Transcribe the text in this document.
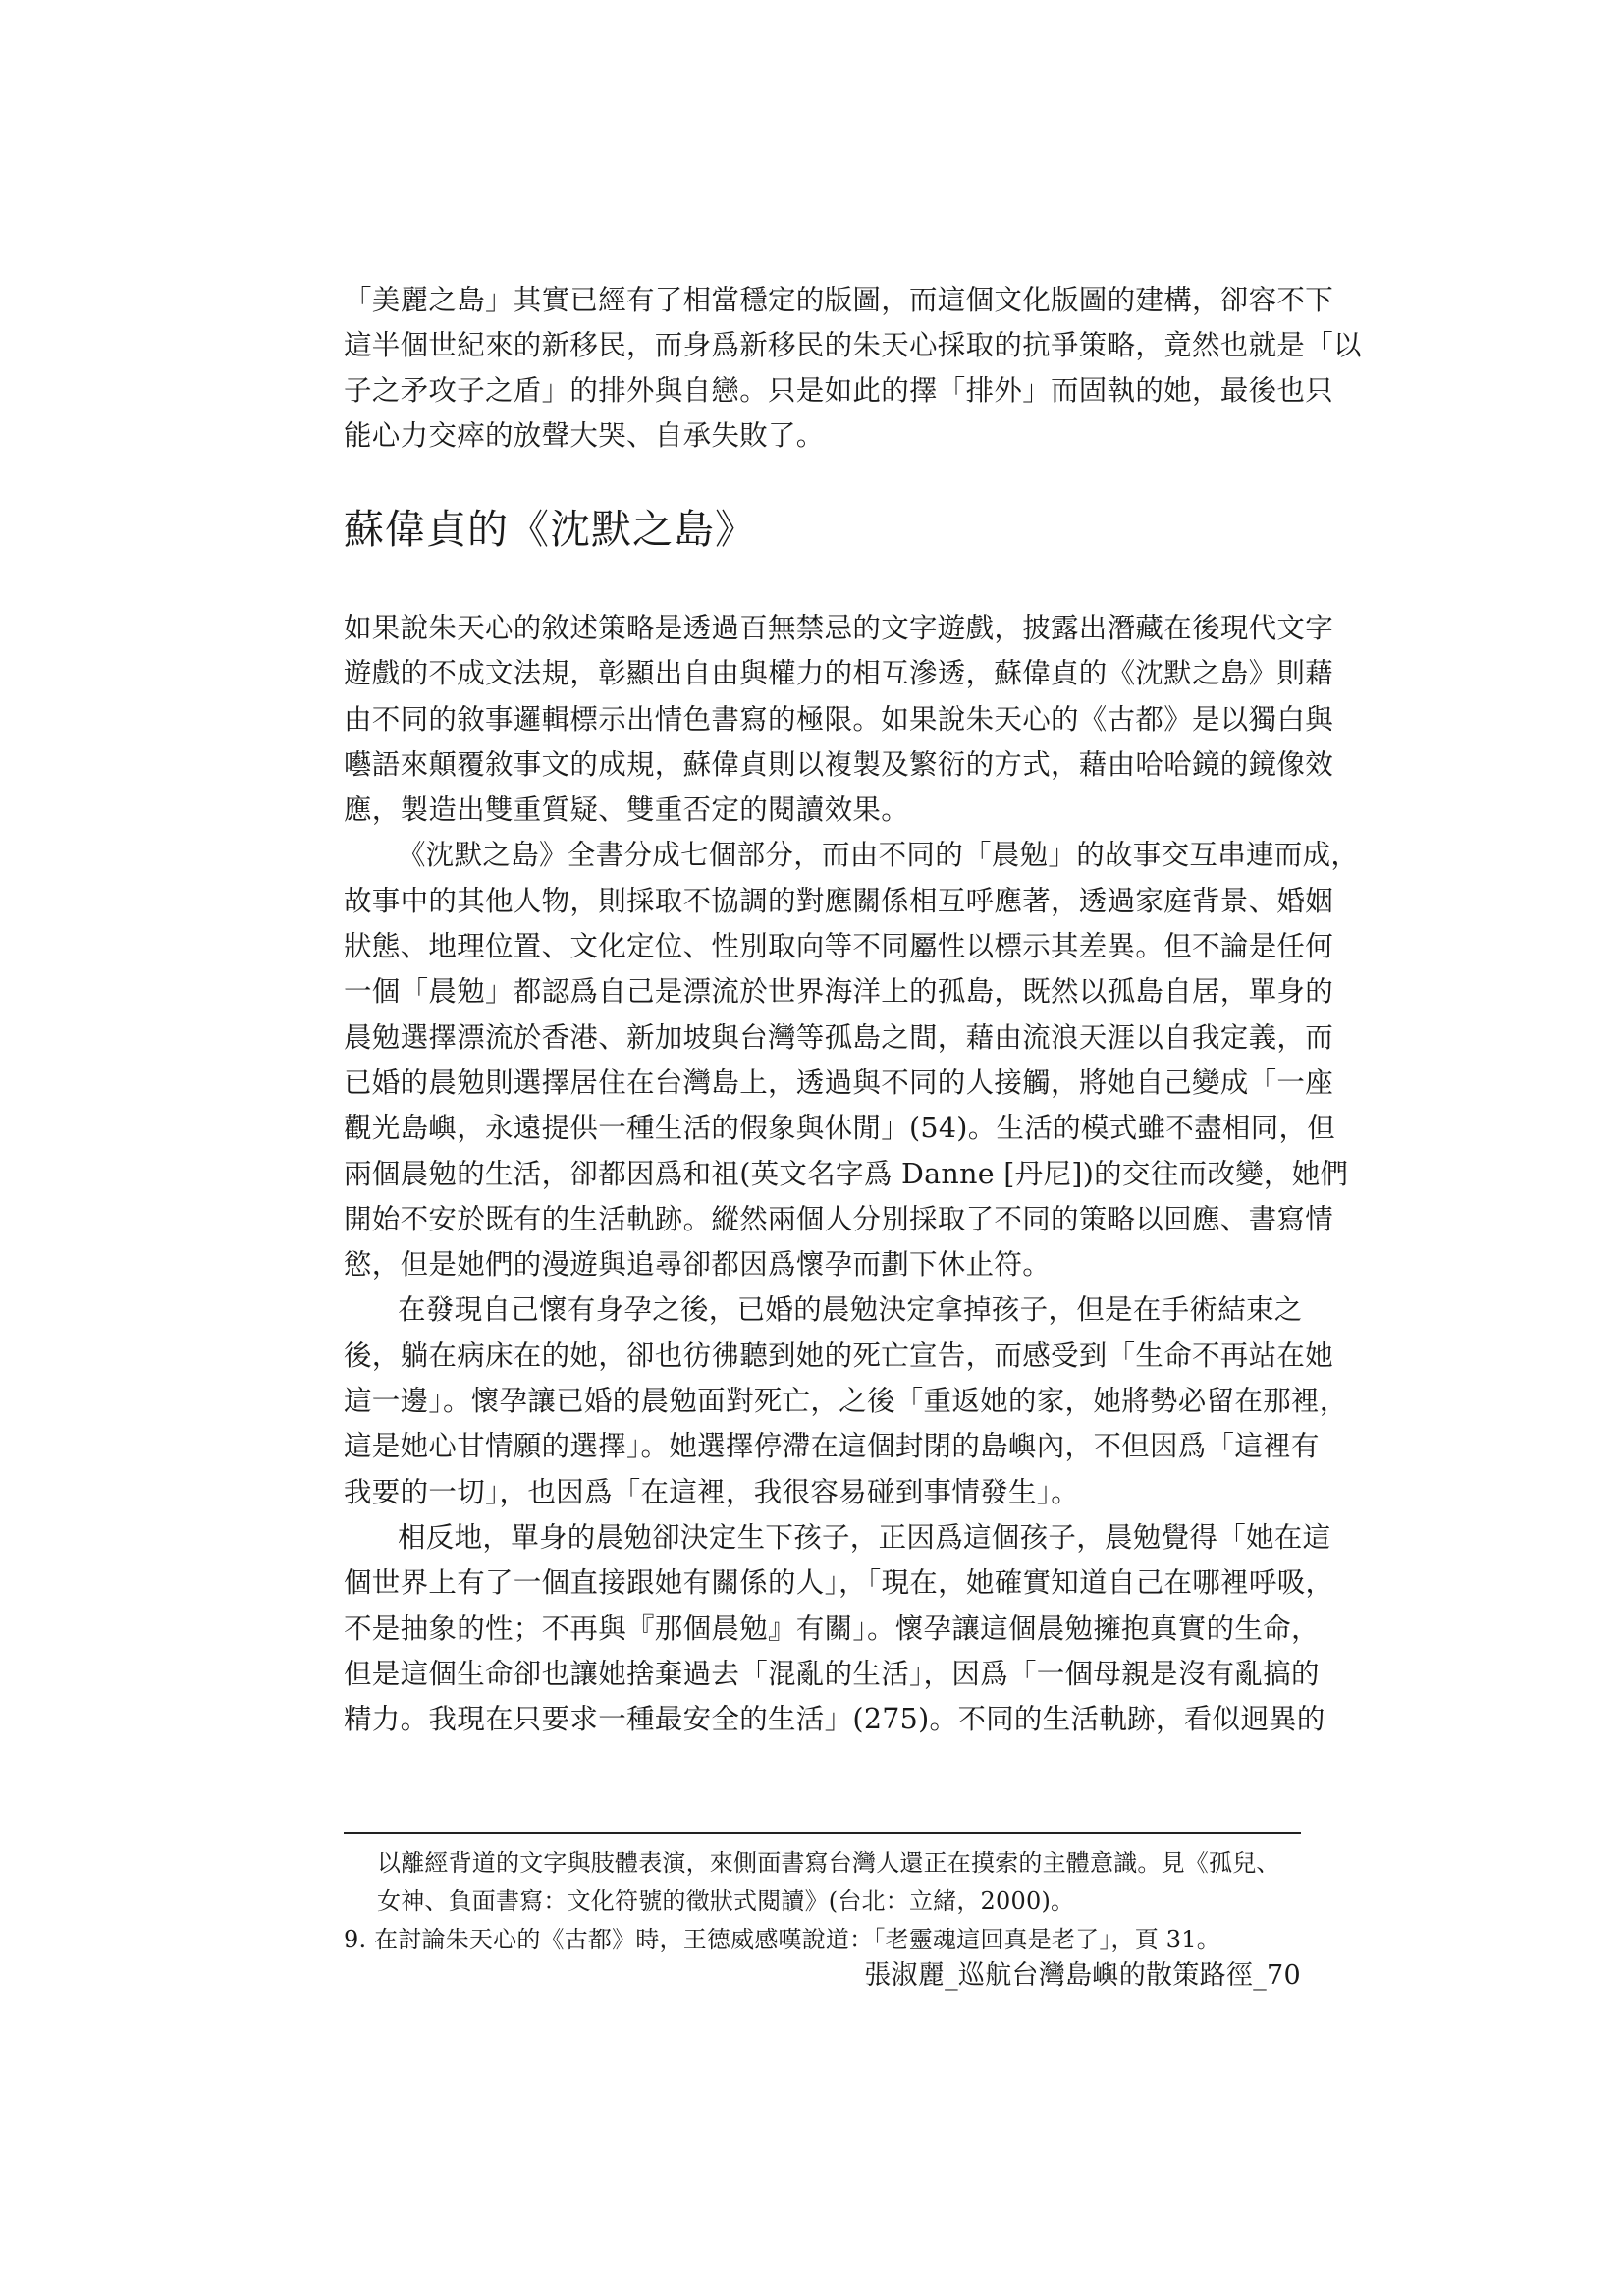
「美麗之島」其實已經有了相當穩定的版圖，而這個文化版圖的建構，卻容不下
這半個世紀來的新移民，而身爲新移民的朱天心採取的抗爭策略，竟然也就是「以
子之矛攻子之盾」的排外與自戀。只是如此的擇「排外」而固執的她，最後也只
能心力交瘁的放聲大哭、自承失敗了。
蘇偉貞的《沈默之島》
如果說朱天心的敘述策略是透過百無禁忌的文字遊戲，披露出潛藏在後現代文字
遊戲的不成文法規，彰顯出自由與權力的相互滲透，蘇偉貞的《沈默之島》則藉
由不同的敘事邏輯標示出情色書寫的極限。如果說朱天心的《古都》是以獨白與
囈語來顛覆敘事文的成規，蘇偉貞則以複製及繁衍的方式，藉由哈哈鏡的鏡像效
應，製造出雙重質疑、雙重否定的閱讀效果。
《沈默之島》全書分成七個部分，而由不同的「晨勉」的故事交互串連而成，
故事中的其他人物，則採取不協調的對應關係相互呼應著，透過家庭背景、婚姻
狀態、地理位置、文化定位、性別取向等不同屬性以標示其差異。但不論是任何
一個「晨勉」都認爲自己是漂流於世界海洋上的孤島，既然以孤島自居，單身的
晨勉選擇漂流於香港、新加坡與台灣等孤島之間，藉由流浪天涯以自我定義，而
已婚的晨勉則選擇居住在台灣島上，透過與不同的人接觸，將她自己變成「一座
觀光島嶼，永遠提供一種生活的假象與休閒」(54)。生活的模式雖不盡相同，但
兩個晨勉的生活，卻都因爲和祖(英文名字爲 Danne [丹尼])的交往而改變，她們
開始不安於既有的生活軌跡。縱然兩個人分別採取了不同的策略以回應、書寫情
慾，但是她們的漫遊與追尋卻都因爲懷孕而劃下休止符。
在發現自己懷有身孕之後，已婚的晨勉決定拿掉孩子，但是在手術結束之
後，躺在病床在的她，卻也彷彿聽到她的死亡宣告，而感受到「生命不再站在她
這一邊」。懷孕讓已婚的晨勉面對死亡，之後「重返她的家，她將勢必留在那裡，
這是她心甘情願的選擇」。她選擇停滯在這個封閉的島嶼內，不但因爲「這裡有
我要的一切」，也因爲「在這裡，我很容易碰到事情發生」。
相反地，單身的晨勉卻決定生下孩子，正因爲這個孩子，晨勉覺得「她在這
個世界上有了一個直接跟她有關係的人」，「現在，她確實知道自己在哪裡呼吸，
不是抽象的性；不再與『那個晨勉』有關」。懷孕讓這個晨勉擁抱真實的生命，
但是這個生命卻也讓她捨棄過去「混亂的生活」，因爲「一個母親是沒有亂搞的
精力。我現在只要求一種最安全的生活」(275)。不同的生活軌跡，看似迥異的
以離經背道的文字與肢體表演，來側面書寫台灣人還正在摸索的主體意識。見《孤兒、
女神、負面書寫：文化符號的徵狀式閱讀》(台北：立緒，2000)。
9. 在討論朱天心的《古都》時，王德威感嘆說道：「老靈魂這回真是老了」，頁 31。
張淑麗_巡航台灣島嶼的散策路徑_70
